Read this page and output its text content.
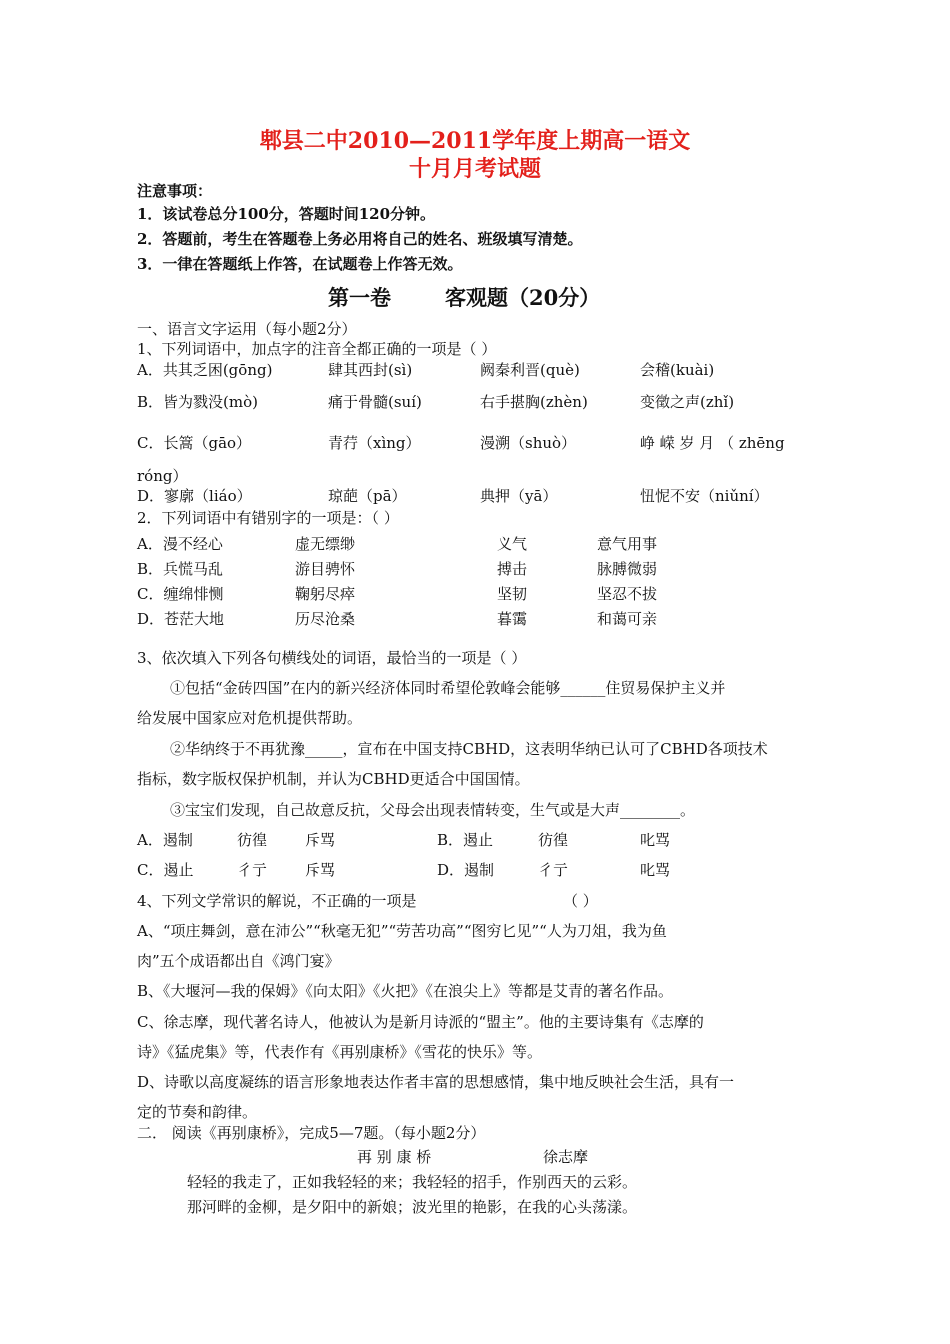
郫县二中2010—2011学年度上期高一语文
十月月考试题
注意事项：
1．该试卷总分100分，答题时间120分钟。
2．答题前，考生在答题卷上务必用将自己的姓名、班级填写清楚。
3．一律在答题纸上作答，在试题卷上作答无效。
第一卷	客观题（20分）
一、语言文字运用（每小题2分）
1、下列词语中，加点字的注音全都正确的一项是（ ）
A．共其乏困(gōng)	肆其西封(sì)	阙秦利晋(què)	会稽(kuài)
B．皆为戮没(mò)	痛于骨髓(suí)	右手揕胸(zhèn)	变徵之声(zhǐ)
C．长篙（gāo）	青荇（xìng）	漫溯（shuò）	峥 嵘 岁 月 （ zhēng
róng）
D．寥廓（liáo）	琼葩（pā）	典押（yā）	忸怩不安（niǔní）
2．下列词语中有错别字的一项是：（ ）
A．漫不经心	虚无缥缈	义气	意气用事
B．兵慌马乱	游目骋怀	搏击	脉膊微弱
C．缠绵悱恻	鞠躬尽瘁	坚韧	坚忍不拔
D．苍茫大地	历尽沧桑	暮霭	和蔼可亲
3、依次填入下列各句横线处的词语，最恰当的一项是（ ）
①包括“金砖四国”在内的新兴经济体同时希望伦敦峰会能够______住贸易保护主义并
给发展中国家应对危机提供帮助。
②华纳终于不再犹豫_____，宣布在中国支持CBHD，这表明华纳已认可了CBHD各项技术
指标，数字版权保护机制，并认为CBHD更适合中国国情。
③宝宝们发现，自己故意反抗，父母会出现表情转变，生气或是大声________。
A．遏制	彷徨	斥骂	B．遏止	彷徨	叱骂
C．遏止	彳亍	斥骂	D．遏制	彳亍	叱骂
4、下列文学常识的解说，不正确的一项是	（ ）
A、“项庄舞剑，意在沛公”“秋毫无犯”“劳苦功高”“图穷匕见”“人为刀俎，我为鱼
肉”五个成语都出自《鸿门宴》
B、《大堰河—我的保姆》《向太阳》《火把》《在浪尖上》等都是艾青的著名作品。
C、徐志摩，现代著名诗人，他被认为是新月诗派的“盟主”。他的主要诗集有《志摩的
诗》《猛虎集》等，代表作有《再别康桥》《雪花的快乐》等。
D、诗歌以高度凝练的语言形象地表达作者丰富的思想感情，集中地反映社会生活，具有一
定的节奏和韵律。
二． 阅读《再别康桥》，完成5—7题。（每小题2分）
再 别 康 桥	徐志摩
轻轻的我走了，正如我轻轻的来；我轻轻的招手，作别西天的云彩。
那河畔的金柳，是夕阳中的新娘；波光里的艳影，在我的心头荡漾。
